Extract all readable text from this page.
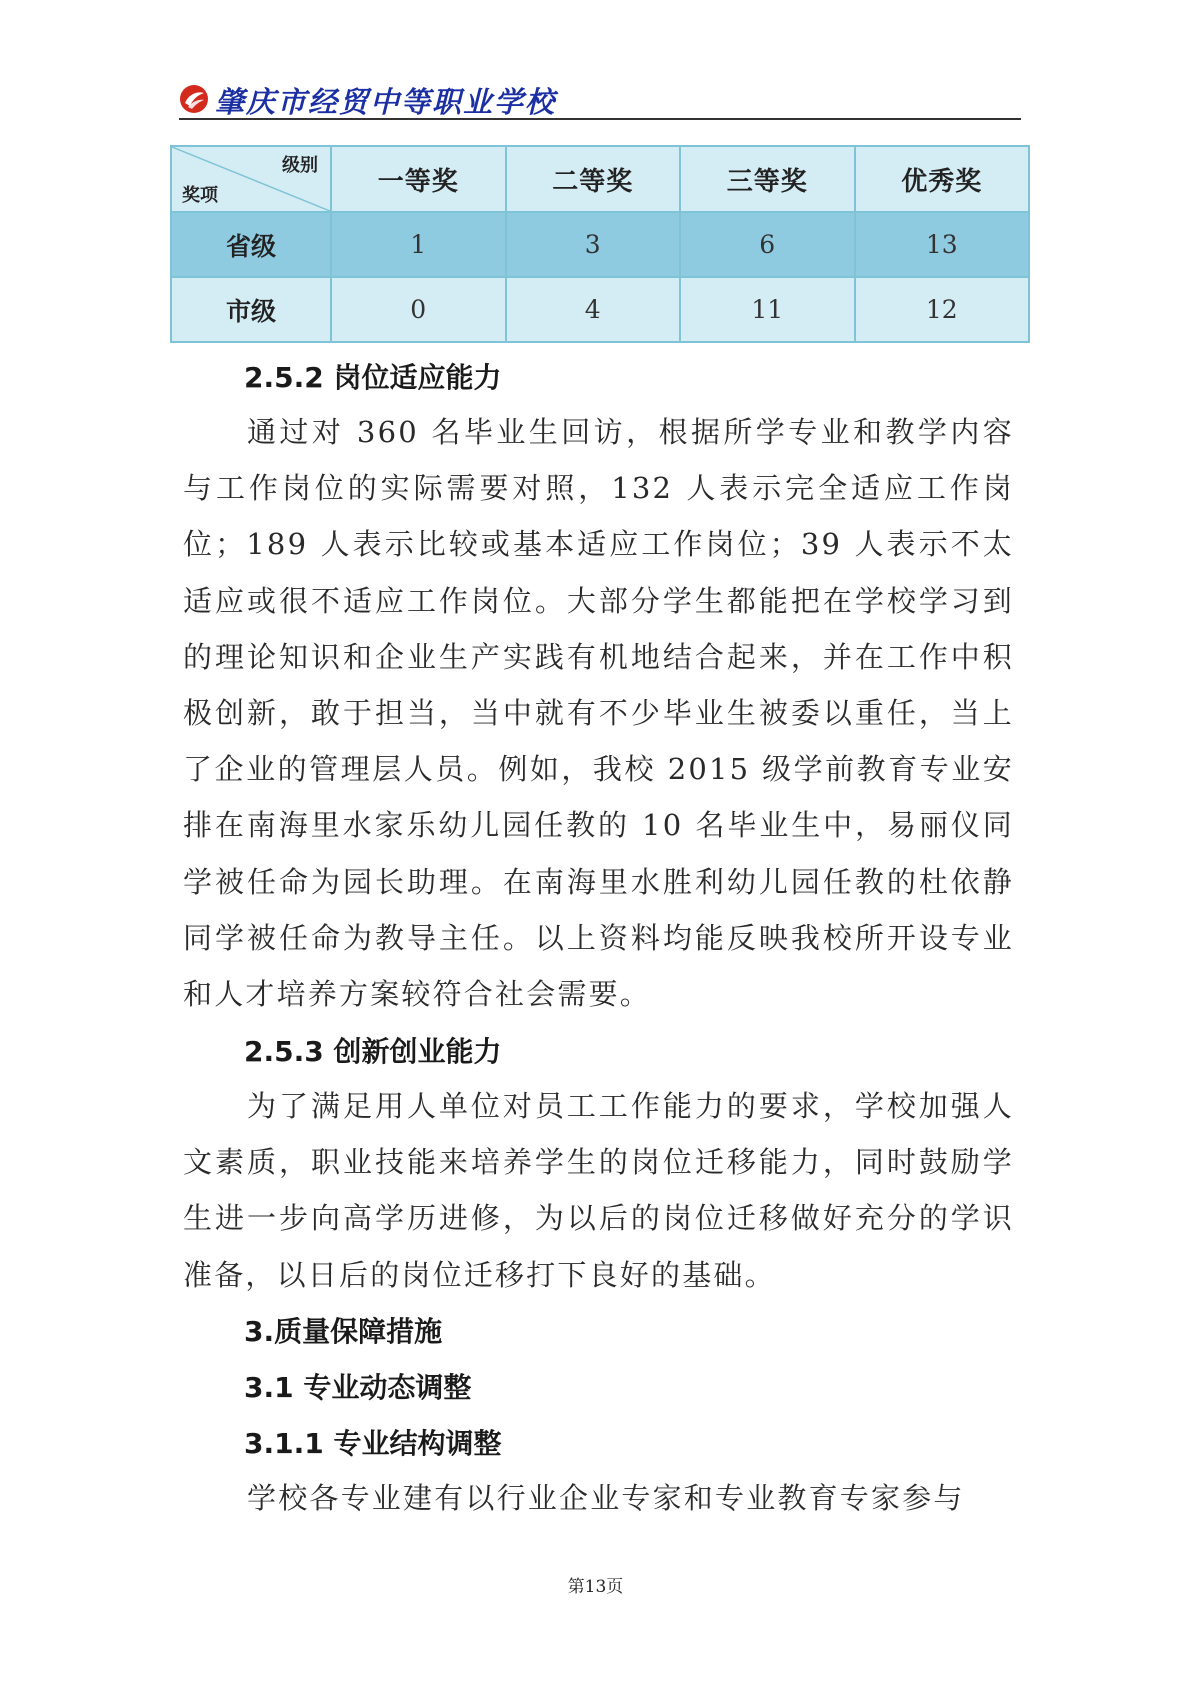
肇庆市经贸中等职业学校
级别
奖项	一等奖	二等奖	三等奖	优秀奖
省级	1	3	6	13
市级	0	4	11	12
2.5.2 岗位适应能力
通过对 360 名毕业生回访，根据所学专业和教学内容与工作岗位的实际需要对照，132 人表示完全适应工作岗位；189 人表示比较或基本适应工作岗位；39 人表示不太适应或很不适应工作岗位。大部分学生都能把在学校学习到的理论知识和企业生产实践有机地结合起来，并在工作中积极创新，敢于担当，当中就有不少毕业生被委以重任，当上了企业的管理层人员。例如，我校 2015 级学前教育专业安排在南海里水家乐幼儿园任教的 10 名毕业生中，易丽仪同学被任命为园长助理。在南海里水胜利幼儿园任教的杜依静同学被任命为教导主任。以上资料均能反映我校所开设专业和人才培养方案较符合社会需要。
2.5.3 创新创业能力
为了满足用人单位对员工工作能力的要求，学校加强人文素质，职业技能来培养学生的岗位迁移能力，同时鼓励学生进一步向高学历进修，为以后的岗位迁移做好充分的学识准备，以日后的岗位迁移打下良好的基础。
3.质量保障措施
3.1 专业动态调整
3.1.1 专业结构调整
学校各专业建有以行业企业专家和专业教育专家参与
第13页
